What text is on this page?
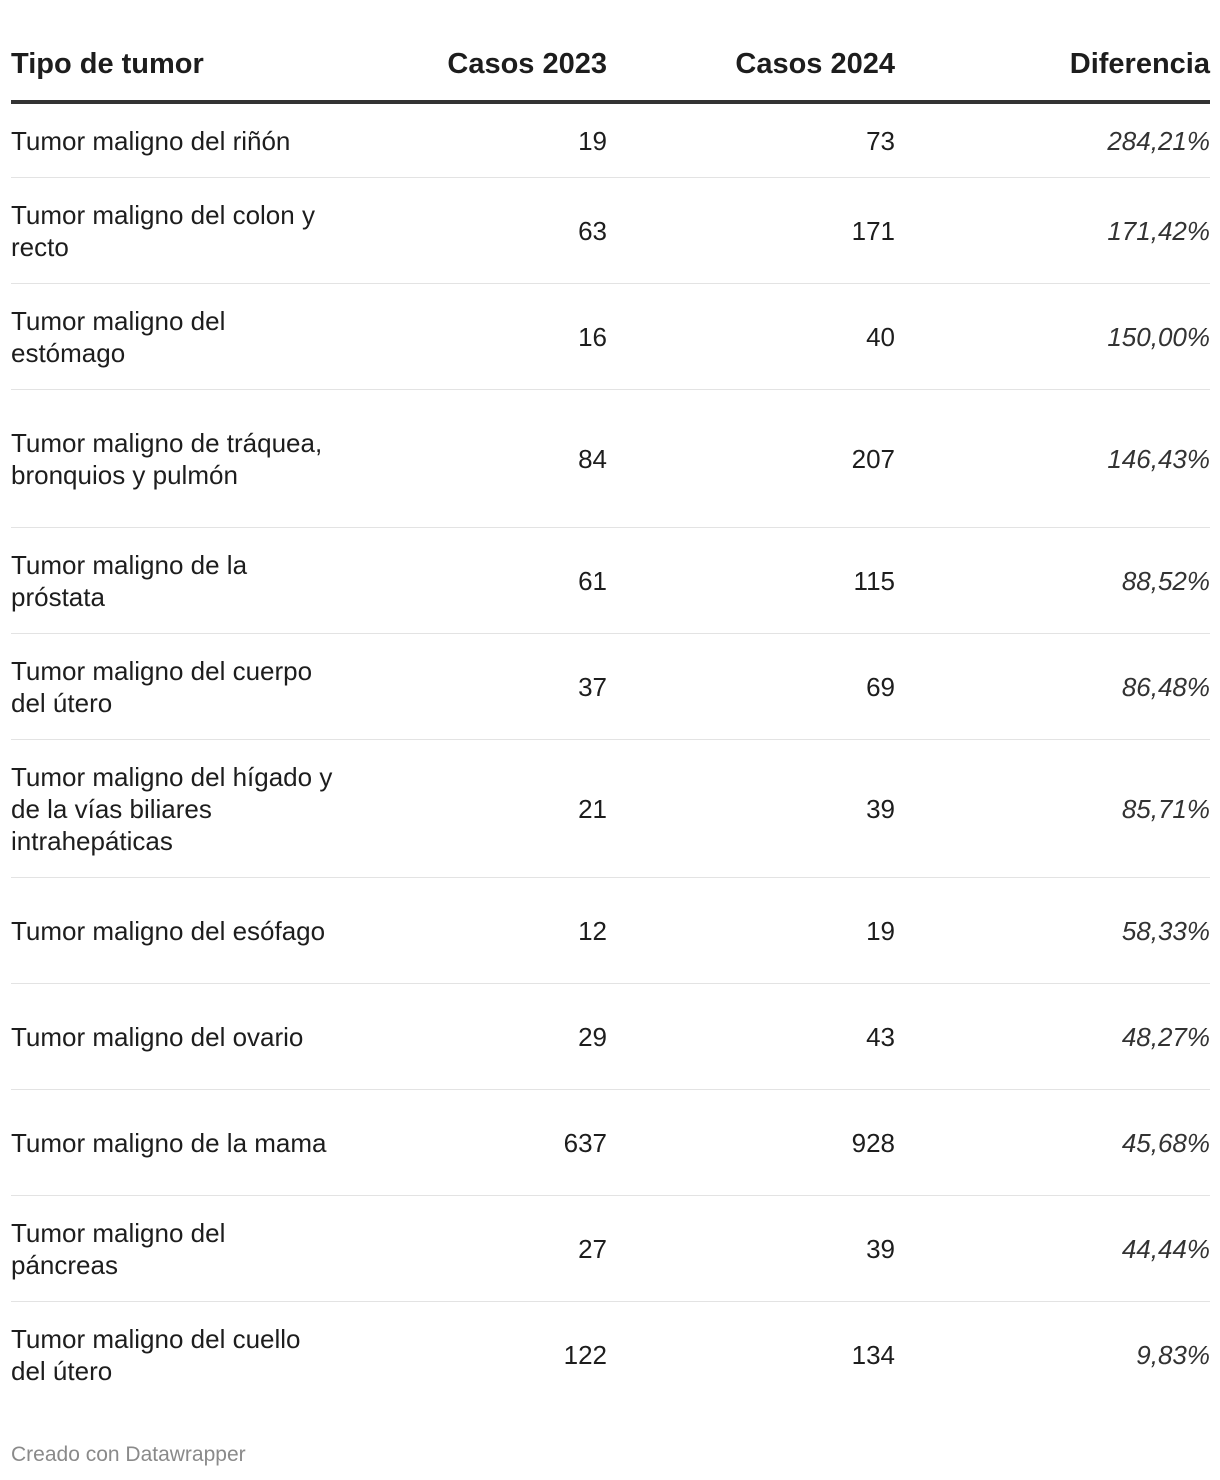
Tipo de tumor	Casos 2023	Casos 2024	Diferencia
Tumor maligno del riñón	19	73	284,21%
Tumor maligno del colon y recto	63	171	171,42%
Tumor maligno del estómago	16	40	150,00%
Tumor maligno de tráquea, bronquios y pulmón	84	207	146,43%
Tumor maligno de la próstata	61	115	88,52%
Tumor maligno del cuerpo del útero	37	69	86,48%
Tumor maligno del hígado y de la vías biliares intrahepáticas	21	39	85,71%
Tumor maligno del esófago	12	19	58,33%
Tumor maligno del ovario	29	43	48,27%
Tumor maligno de la mama	637	928	45,68%
Tumor maligno del páncreas	27	39	44,44%
Tumor maligno del cuello del útero	122	134	9,83%
Creado con Datawrapper
